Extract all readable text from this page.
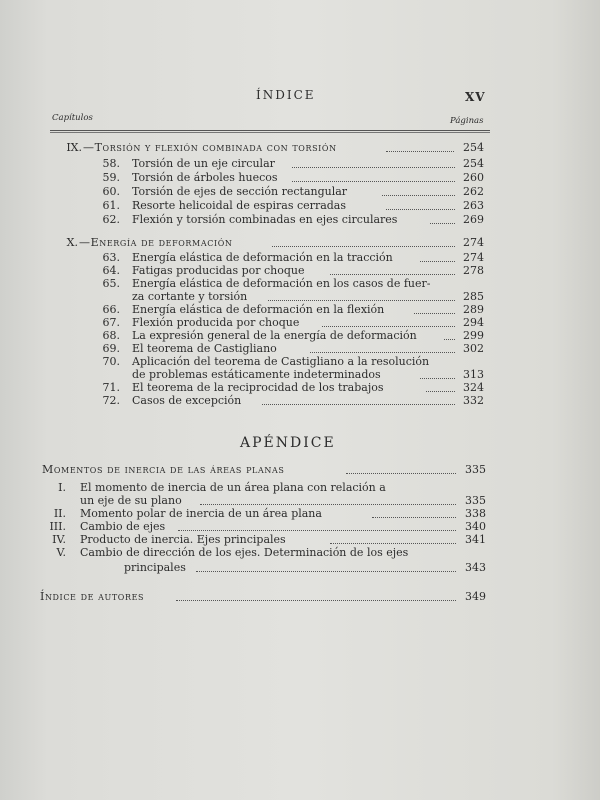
ÍNDICE	XV
Capítulos	Páginas
IX. —Torsión y flexión combinada con torsión	254
58. Torsión de un eje circular	254
59. Torsión de árboles huecos	260
60. Torsión de ejes de sección rectangular	262
61. Resorte helicoidal de espiras cerradas	263
62. Flexión y torsión combinadas en ejes circulares	269
X. —Energía de deformación	274
63. Energía elástica de deformación en la tracción	274
64. Fatigas producidas por choque	278
65. Energía elástica de deformación en los casos de fuer-
za cortante y torsión	285
66. Energía elástica de deformación en la flexión	289
67. Flexión producida por choque	294
68. La expresión general de la energía de deformación	299
69. El teorema de Castigliano	302
70. Aplicación del teorema de Castigliano a la resolución
de problemas estáticamente indeterminados	313
71. El teorema de la reciprocidad de los trabajos	324
72. Casos de excepción	332
APÉNDICE
Momentos de inercia de las áreas planas	335
I. El momento de inercia de un área plana con relación a
un eje de su plano	335
II. Momento polar de inercia de un área plana	338
III. Cambio de ejes	340
IV. Producto de inercia. Ejes principales	341
V. Cambio de dirección de los ejes. Determinación de los ejes
principales	343
Índice de autores	349
